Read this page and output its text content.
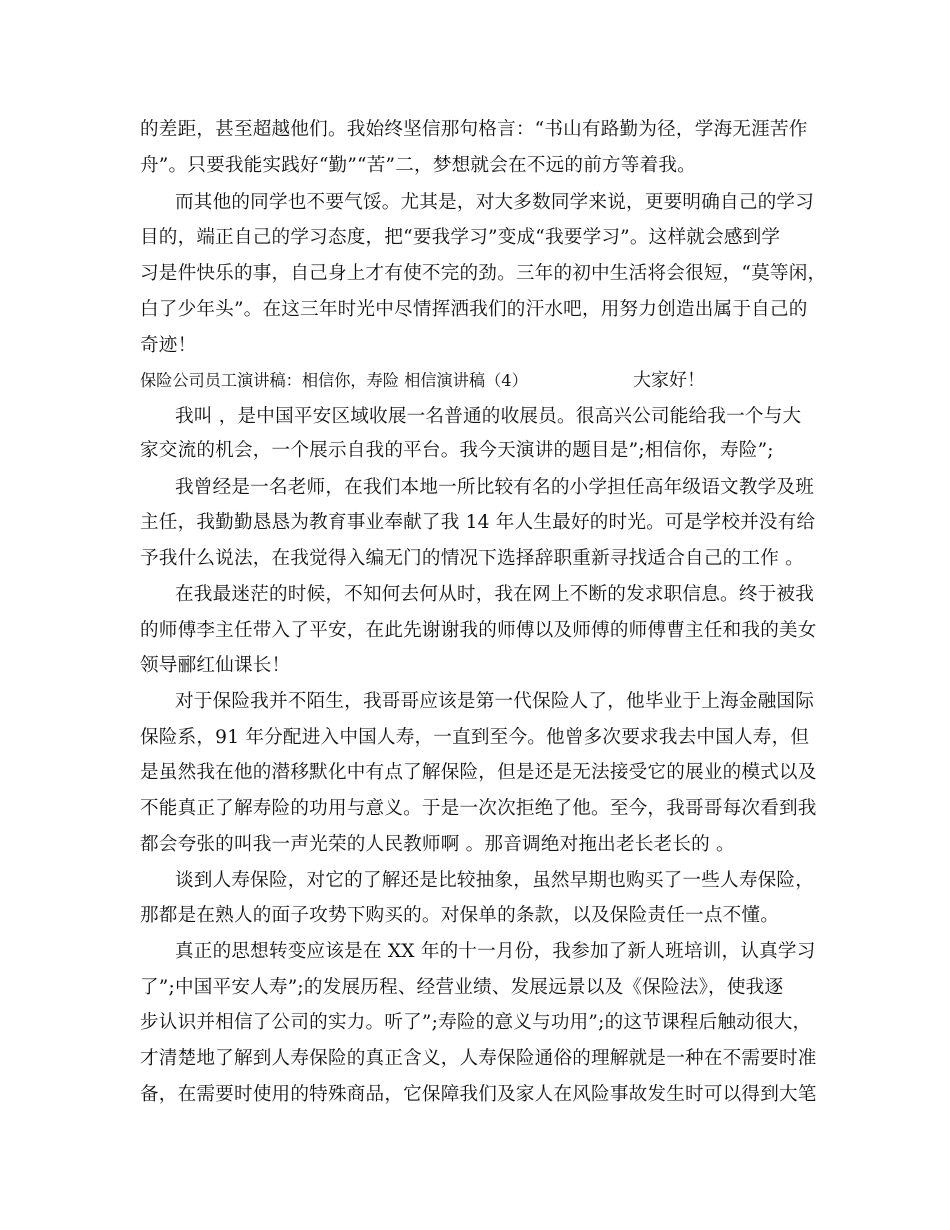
的差距，甚至超越他们。我始终坚信那句格言：“书山有路勤为径，学海无涯苦作
舟”。只要我能实践好“勤”“苦”二，梦想就会在不远的前方等着我。
而其他的同学也不要气馁。尤其是，对大多数同学来说，更要明确自己的学习
目的，端正自己的学习态度，把“要我学习”变成“我要学习”。这样就会感到学
习是件快乐的事，自己身上才有使不完的劲。三年的初中生活将会很短，“莫等闲，
白了少年头”。在这三年时光中尽情挥洒我们的汗水吧，用努力创造出属于自己的
奇迹！
保险公司员工演讲稿：相信你，寿险 相信演讲稿（4）	大家好！
我叫 ，是中国平安区域收展一名普通的收展员。很高兴公司能给我一个与大
家交流的机会，一个展示自我的平台。我今天演讲的题目是”;相信你，寿险”;
我曾经是一名老师，在我们本地一所比较有名的小学担任高年级语文教学及班
主任，我勤勤恳恳为教育事业奉献了我 14 年人生最好的时光。可是学校并没有给
予我什么说法，在我觉得入编无门的情况下选择辞职重新寻找适合自己的工作 。
在我最迷茫的时候，不知何去何从时，我在网上不断的发求职信息。终于被我
的师傅李主任带入了平安，在此先谢谢我的师傅以及师傅的师傅曹主任和我的美女
领导郦红仙课长！
对于保险我并不陌生，我哥哥应该是第一代保险人了，他毕业于上海金融国际
保险系，91 年分配进入中国人寿，一直到至今。他曾多次要求我去中国人寿，但
是虽然我在他的潜移默化中有点了解保险，但是还是无法接受它的展业的模式以及
不能真正了解寿险的功用与意义。于是一次次拒绝了他。至今，我哥哥每次看到我
都会夸张的叫我一声光荣的人民教师啊 。那音调绝对拖出老长老长的 。
谈到人寿保险，对它的了解还是比较抽象，虽然早期也购买了一些人寿保险，
那都是在熟人的面子攻势下购买的。对保单的条款，以及保险责任一点不懂。
真正的思想转变应该是在 XX 年的十一月份，我参加了新人班培训，认真学习
了”;中国平安人寿”;的发展历程、经营业绩、发展远景以及《保险法》，使我逐
步认识并相信了公司的实力。听了”;寿险的意义与功用”;的这节课程后触动很大，
才清楚地了解到人寿保险的真正含义，人寿保险通俗的理解就是一种在不需要时准
备，在需要时使用的特殊商品，它保障我们及家人在风险事故发生时可以得到大笔
